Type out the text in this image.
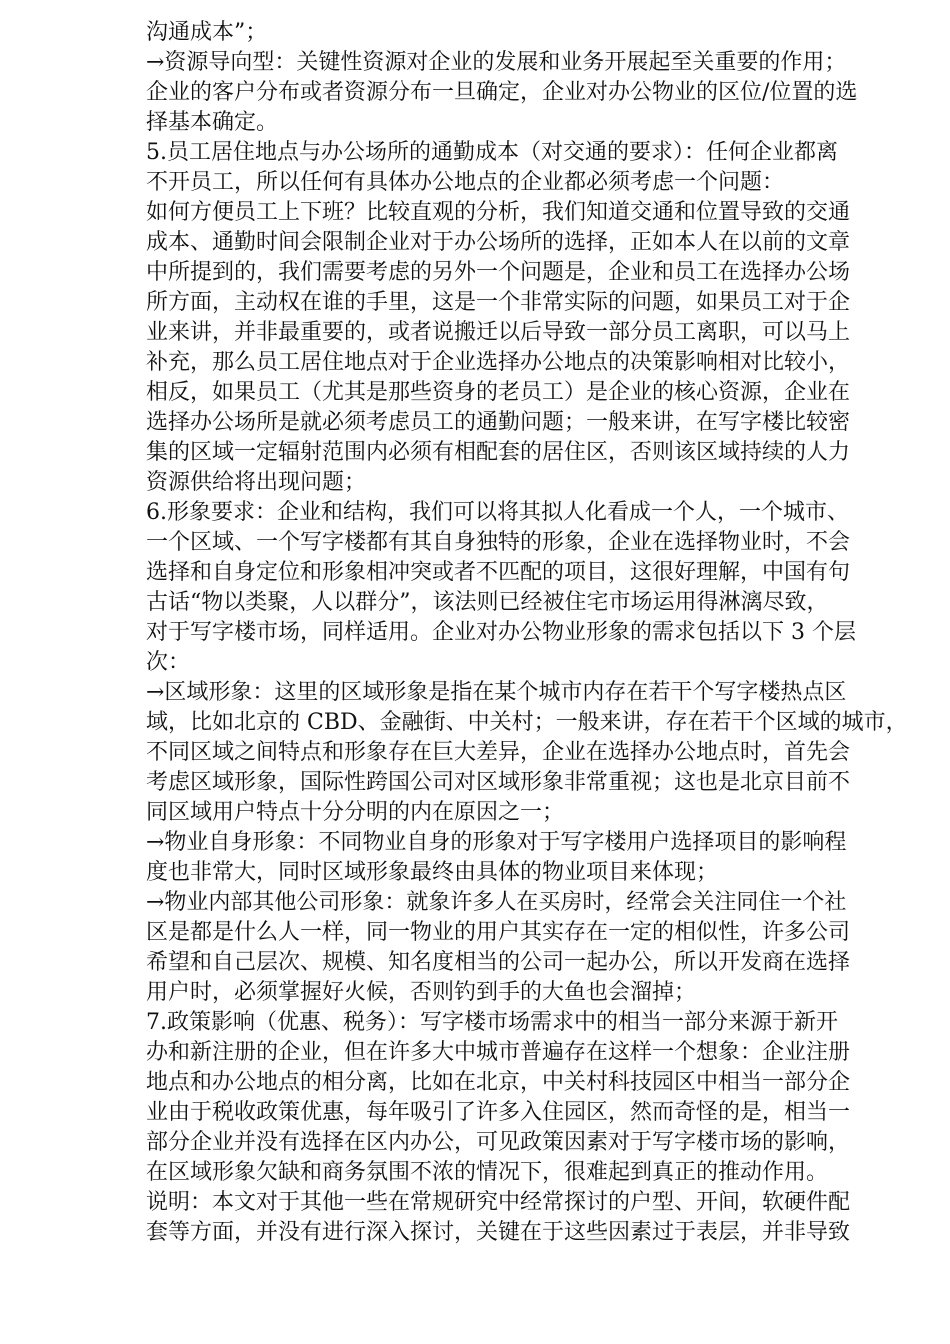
沟通成本”；
→资源导向型：关键性资源对企业的发展和业务开展起至关重要的作用；
企业的客户分布或者资源分布一旦确定，企业对办公物业的区位/位置的选
择基本确定。
5.员工居住地点与办公场所的通勤成本（对交通的要求）：任何企业都离
不开员工，所以任何有具体办公地点的企业都必须考虑一个问题：
如何方便员工上下班？比较直观的分析，我们知道交通和位置导致的交通
成本、通勤时间会限制企业对于办公场所的选择，正如本人在以前的文章
中所提到的，我们需要考虑的另外一个问题是，企业和员工在选择办公场
所方面，主动权在谁的手里，这是一个非常实际的问题，如果员工对于企
业来讲，并非最重要的，或者说搬迁以后导致一部分员工离职，可以马上
补充，那么员工居住地点对于企业选择办公地点的决策影响相对比较小，
相反，如果员工（尤其是那些资身的老员工）是企业的核心资源，企业在
选择办公场所是就必须考虑员工的通勤问题；一般来讲，在写字楼比较密
集的区域一定辐射范围内必须有相配套的居住区，否则该区域持续的人力
资源供给将出现问题；
6.形象要求：企业和结构，我们可以将其拟人化看成一个人，一个城市、
一个区域、一个写字楼都有其自身独特的形象，企业在选择物业时，不会
选择和自身定位和形象相冲突或者不匹配的项目，这很好理解，中国有句
古话“物以类聚，人以群分”，该法则已经被住宅市场运用得淋漓尽致，
对于写字楼市场，同样适用。企业对办公物业形象的需求包括以下 3 个层
次：
→区域形象：这里的区域形象是指在某个城市内存在若干个写字楼热点区
域，比如北京的 CBD、金融街、中关村；一般来讲，存在若干个区域的城市，
不同区域之间特点和形象存在巨大差异，企业在选择办公地点时，首先会
考虑区域形象，国际性跨国公司对区域形象非常重视；这也是北京目前不
同区域用户特点十分分明的内在原因之一；
→物业自身形象：不同物业自身的形象对于写字楼用户选择项目的影响程
度也非常大，同时区域形象最终由具体的物业项目来体现；
→物业内部其他公司形象：就象许多人在买房时，经常会关注同住一个社
区是都是什么人一样，同一物业的用户其实存在一定的相似性，许多公司
希望和自己层次、规模、知名度相当的公司一起办公，所以开发商在选择
用户时，必须掌握好火候，否则钓到手的大鱼也会溜掉；
7.政策影响（优惠、税务）：写字楼市场需求中的相当一部分来源于新开
办和新注册的企业，但在许多大中城市普遍存在这样一个想象：企业注册
地点和办公地点的相分离，比如在北京，中关村科技园区中相当一部分企
业由于税收政策优惠，每年吸引了许多入住园区，然而奇怪的是，相当一
部分企业并没有选择在区内办公，可见政策因素对于写字楼市场的影响，
在区域形象欠缺和商务氛围不浓的情况下，很难起到真正的推动作用。
说明：本文对于其他一些在常规研究中经常探讨的户型、开间，软硬件配
套等方面，并没有进行深入探讨，关键在于这些因素过于表层，并非导致
